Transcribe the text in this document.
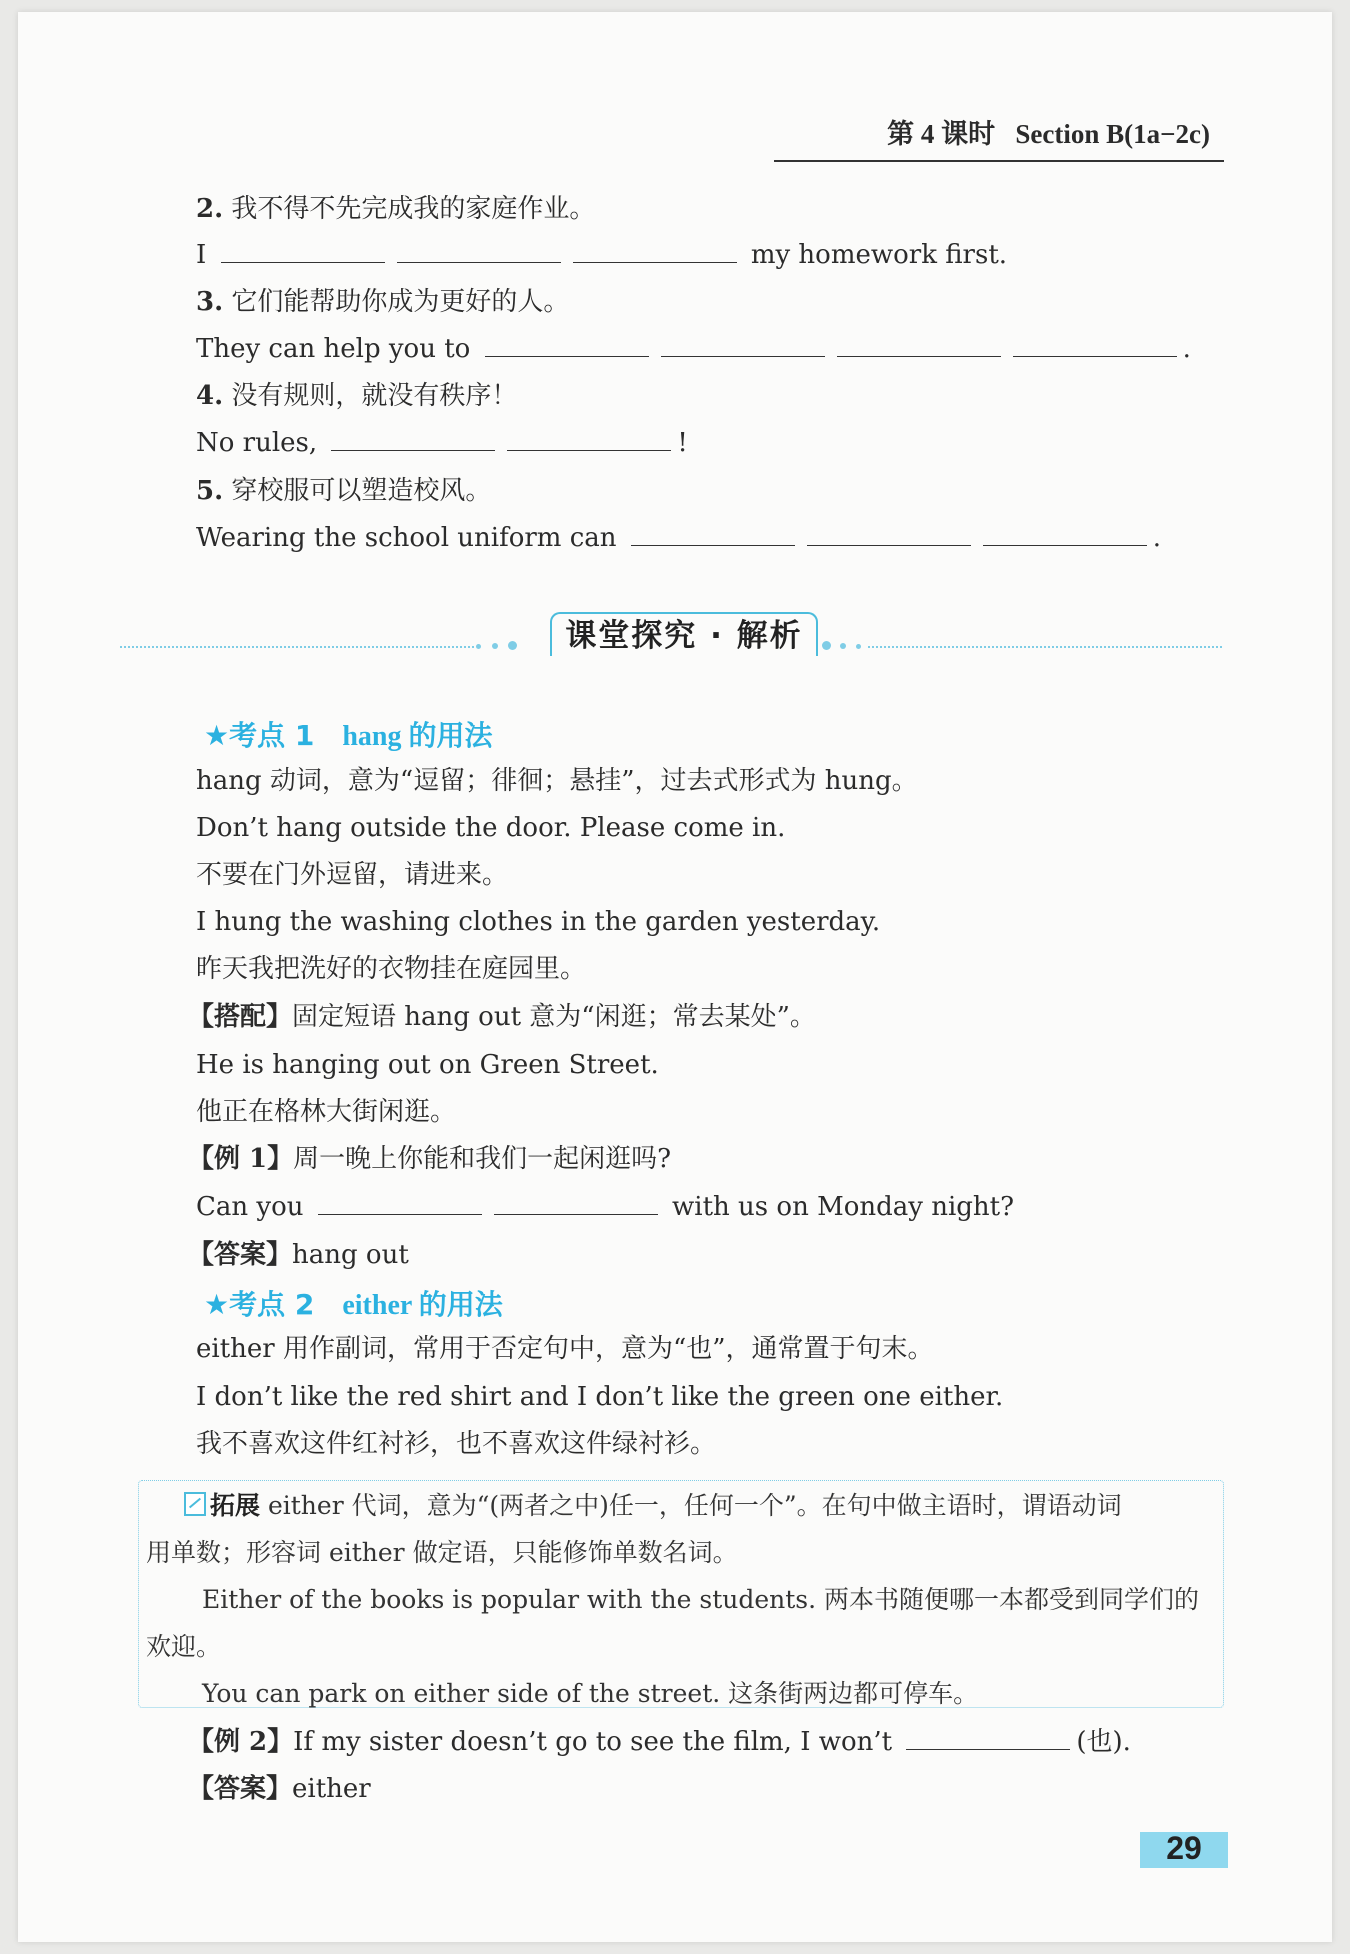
第 4 课时 Section B(1a−2c)
2. 我不得不先完成我的家庭作业。
I	my homework first.
3. 它们能帮助你成为更好的人。
They can help you to	.
4. 没有规则，就没有秩序！
No rules,	!
5. 穿校服可以塑造校风。
Wearing the school uniform can	.
课堂探究 · 解析
★考点 1 hang 的用法
hang 动词，意为“逗留；徘徊；悬挂”，过去式形式为 hung。
Don’t hang outside the door. Please come in.
不要在门外逗留，请进来。
I hung the washing clothes in the garden yesterday.
昨天我把洗好的衣物挂在庭园里。
【搭配】固定短语 hang out 意为“闲逛；常去某处”。
He is hanging out on Green Street.
他正在格林大街闲逛。
【例 1】周一晚上你能和我们一起闲逛吗?
Can you	with us on Monday night?
【答案】hang out
★考点 2 either 的用法
either 用作副词，常用于否定句中，意为“也”，通常置于句末。
I don’t like the red shirt and I don’t like the green one either.
我不喜欢这件红衬衫，也不喜欢这件绿衬衫。
拓展 either 代词，意为“(两者之中)任一，任何一个”。在句中做主语时，谓语动词
用单数；形容词 either 做定语，只能修饰单数名词。
Either of the books is popular with the students. 两本书随便哪一本都受到同学们的
欢迎。
You can park on either side of the street. 这条街两边都可停车。
【例 2】If my sister doesn’t go to see the film, I won’t	(也).
【答案】either
29
